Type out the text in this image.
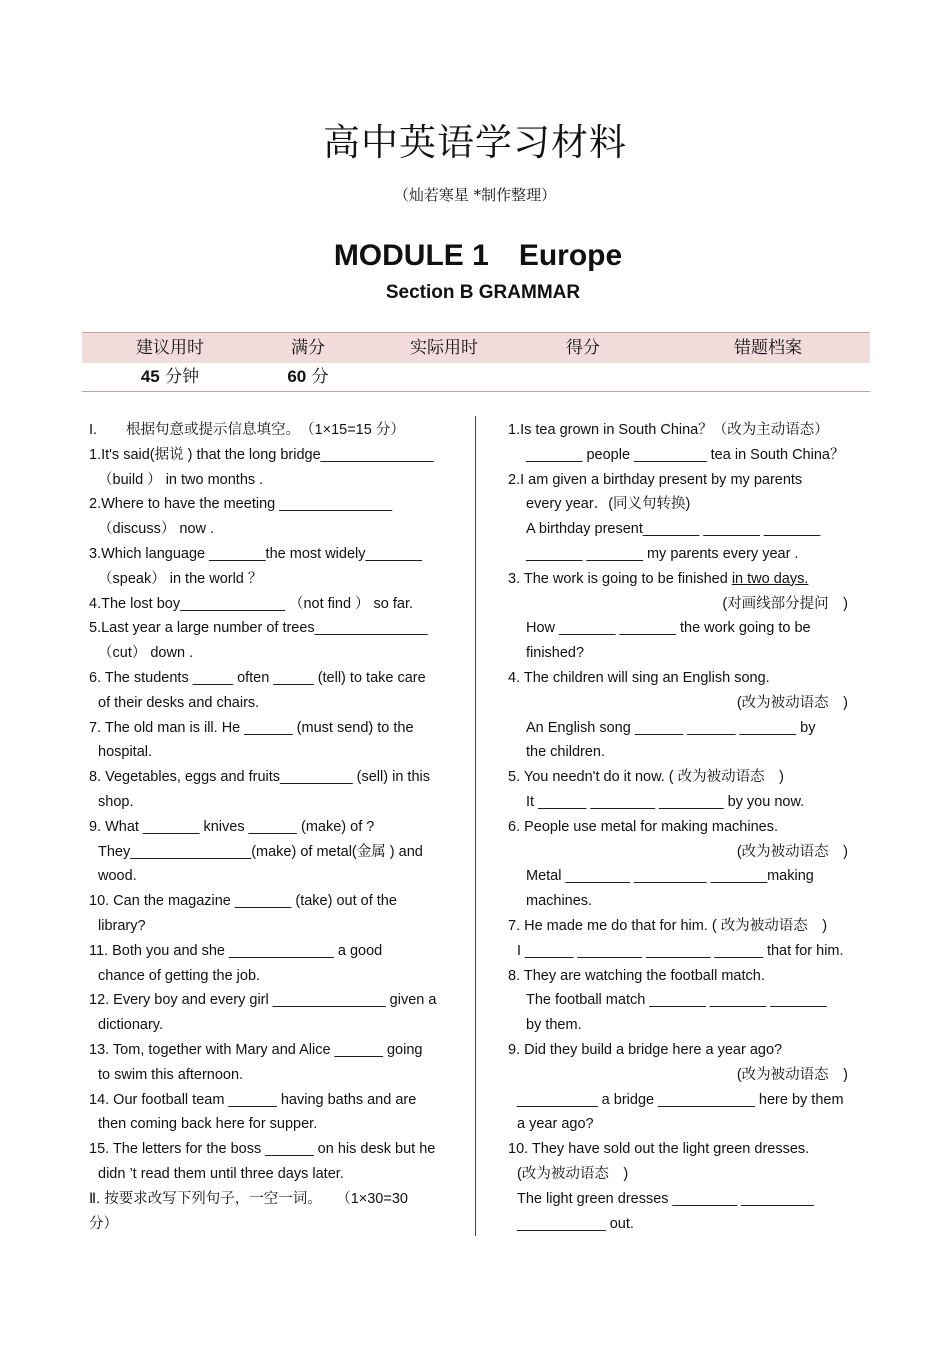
高中英语学习材料
（灿若寒星 *制作整理）
MODULE 1　Europe
Section B GRAMMAR
建议用时	满分	实际用时	得分	错题档案
45 分钟	60 分
I.　　根据句意或提示信息填空。　（1×15=15 分）
1.It's said(据说 ) that the long bridge______________
（build ） in two months .
2.Where to have the meeting ______________
（discuss） now .
3.Which language _______the most widely_______
（speak） in the world ？
4.The lost boy_____________ （not find ） so far.
5.Last year a large number of trees______________
（cut） down .
6. The students _____ often _____ (tell) to take care
of their desks and chairs.
7. The old man is ill. He ______ (must send) to the
hospital.
8. Vegetables, eggs and fruits_________ (sell) in this
shop.
9. What _______ knives ______ (make) of ?
They_______________(make) of metal(金属 ) and
wood.
10. Can the magazine _______ (take) out of the
library?
11. Both you and she _____________ a good
chance of getting the job.
12. Every boy and every girl ______________ given a
dictionary.
13. Tom, together with Mary and Alice ______ going
to swim this afternoon.
14. Our football team ______ having baths and are
then coming back here for supper.
15. The letters for the boss ______ on his desk but he
didn ’t read them until three days later.
Ⅱ. 按要求改写下列句子，一空一词。　　（1×30=30
分）
1.Is tea grown in South China？（改为主动语态）
_______ people _________ tea in South China？
2.I am given a birthday present by my parents
every year．(同义句转换)
A birthday present_______ _______ _______
_______ _______ my parents every year .
3. The work is going to be finished in two days.
(对画线部分提问　)
How _______ _______ the work going to be
finished?
4. The children will sing an English song.
(改为被动语态　)
An English song ______ ______ _______ by
the children.
5. You needn't do it now. ( 改为被动语态　)
It ______ ________ ________ by you now.
6. People use metal for making machines.
(改为被动语态　)
Metal ________ _________ _______making
machines.
7. He made me do that for him. ( 改为被动语态　)
I ______ ________ ________ ______ that for him.
8. They are watching the football match.
The football match _______ _______ _______
by them.
9. Did they build a bridge here a year ago?
(改为被动语态　)
__________ a bridge ____________ here by them
a year ago?
10. They have sold out the light green dresses.
(改为被动语态　)
The light green dresses ________ _________
___________ out.
